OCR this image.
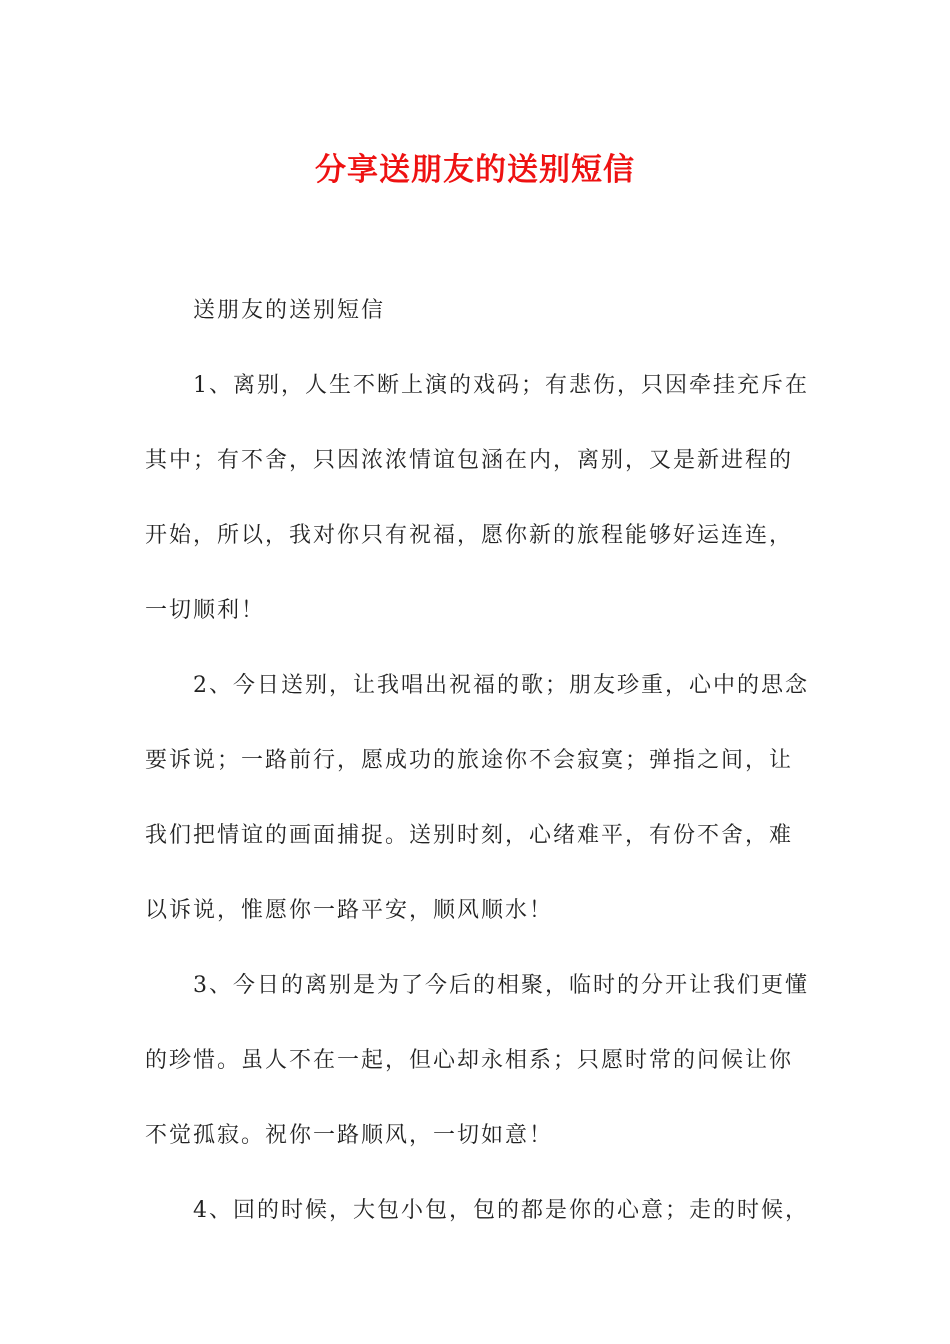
分享送朋友的送别短信
送朋友的送别短信
1、离别，人生不断上演的戏码；有悲伤，只因牵挂充斥在
其中；有不舍，只因浓浓情谊包涵在内，离别，又是新进程的
开始，所以，我对你只有祝福，愿你新的旅程能够好运连连，
一切顺利！
2、今日送别，让我唱出祝福的歌；朋友珍重，心中的思念
要诉说；一路前行，愿成功的旅途你不会寂寞；弹指之间，让
我们把情谊的画面捕捉。送别时刻，心绪难平，有份不舍，难
以诉说，惟愿你一路平安，顺风顺水！
3、今日的离别是为了今后的相聚，临时的分开让我们更懂
的珍惜。虽人不在一起，但心却永相系；只愿时常的问候让你
不觉孤寂。祝你一路顺风，一切如意！
4、回的时候，大包小包，包的都是你的心意；走的时候，
